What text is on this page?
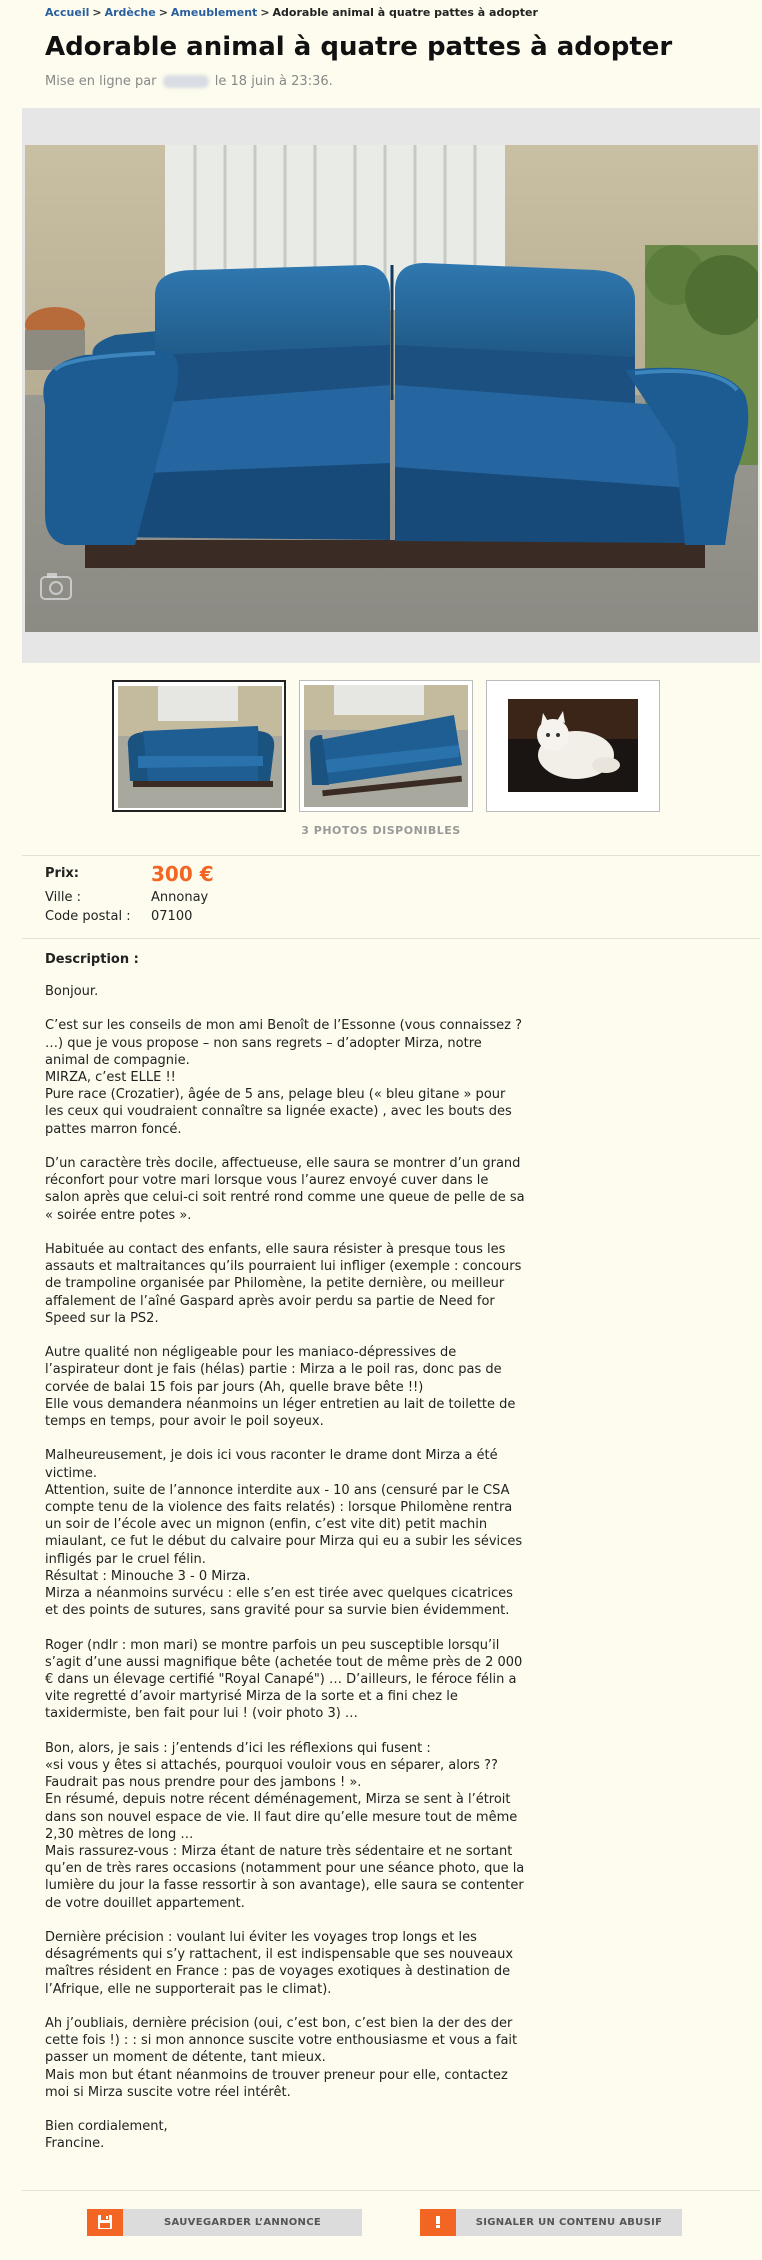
Accueil > Ardèche > Ameublement > Adorable animal à quatre pattes à adopter
Adorable animal à quatre pattes à adopter
Mise en ligne par	le 18 juin à 23:36.
3 PHOTOS DISPONIBLES
Prix:	300 €
Ville :	Annonay
Code postal :	07100
Description :

Bonjour.

C’est sur les conseils de mon ami Benoît de l’Essonne (vous connaissez ? …) que je vous propose – non sans regrets – d’adopter Mirza, notre animal de compagnie.
MIRZA, c’est ELLE !!
Pure race (Crozatier), âgée de 5 ans, pelage bleu (« bleu gitane » pour les ceux qui voudraient connaître sa lignée exacte) , avec les bouts des pattes marron foncé.

D’un caractère très docile, affectueuse, elle saura se montrer d’un grand réconfort pour votre mari lorsque vous l’aurez envoyé cuver dans le salon après que celui-ci soit rentré rond comme une queue de pelle de sa « soirée entre potes ».

Habituée au contact des enfants, elle saura résister à presque tous les assauts et maltraitances qu’ils pourraient lui infliger (exemple : concours de trampoline organisée par Philomène, la petite dernière, ou meilleur affalement de l’aîné Gaspard après avoir perdu sa partie de Need for Speed sur la PS2.

Autre qualité non négligeable pour les maniaco-dépressives de l’aspirateur dont je fais (hélas) partie : Mirza a le poil ras, donc pas de corvée de balai 15 fois par jours (Ah, quelle brave bête !!)
Elle vous demandera néanmoins un léger entretien au lait de toilette de temps en temps, pour avoir le poil soyeux.

Malheureusement, je dois ici vous raconter le drame dont Mirza a été victime.
Attention, suite de l’annonce interdite aux - 10 ans (censuré par le CSA compte tenu de la violence des faits relatés) : lorsque Philomène rentra un soir de l’école avec un mignon (enfin, c’est vite dit) petit machin miaulant, ce fut le début du calvaire pour Mirza qui eu a subir les sévices infligés par le cruel félin.
Résultat : Minouche 3 - 0 Mirza.
Mirza a néanmoins survécu : elle s’en est tirée avec quelques cicatrices et des points de sutures, sans gravité pour sa survie bien évidemment.

Roger (ndlr : mon mari) se montre parfois un peu susceptible lorsqu’il s’agit d’une aussi magnifique bête (achetée tout de même près de 2 000 € dans un élevage certifié "Royal Canapé") … D’ailleurs, le féroce félin a vite regretté d’avoir martyrisé Mirza de la sorte et a fini chez le taxidermiste, ben fait pour lui ! (voir photo 3) …

Bon, alors, je sais : j’entends d’ici les réflexions qui fusent :
«si vous y êtes si attachés, pourquoi vouloir vous en séparer, alors ?? Faudrait pas nous prendre pour des jambons ! ».
En résumé, depuis notre récent déménagement, Mirza se sent à l’étroit dans son nouvel espace de vie. Il faut dire qu’elle mesure tout de même 2,30 mètres de long …
Mais rassurez-vous : Mirza étant de nature très sédentaire et ne sortant qu’en de très rares occasions (notamment pour une séance photo, que la lumière du jour la fasse ressortir à son avantage), elle saura se contenter de votre douillet appartement.

Dernière précision : voulant lui éviter les voyages trop longs et les désagréments qui s’y rattachent, il est indispensable que ses nouveaux maîtres résident en France : pas de voyages exotiques à destination de l’Afrique, elle ne supporterait pas le climat).

Ah j’oubliais, dernière précision (oui, c’est bon, c’est bien la der des der cette fois !) : : si mon annonce suscite votre enthousiasme et vous a fait passer un moment de détente, tant mieux.
Mais mon but étant néanmoins de trouver preneur pour elle, contactez moi si Mirza suscite votre réel intérêt.

Bien cordialement,
Francine.

SAUVEGARDER L’ANNONCE	SIGNALER UN CONTENU ABUSIF
